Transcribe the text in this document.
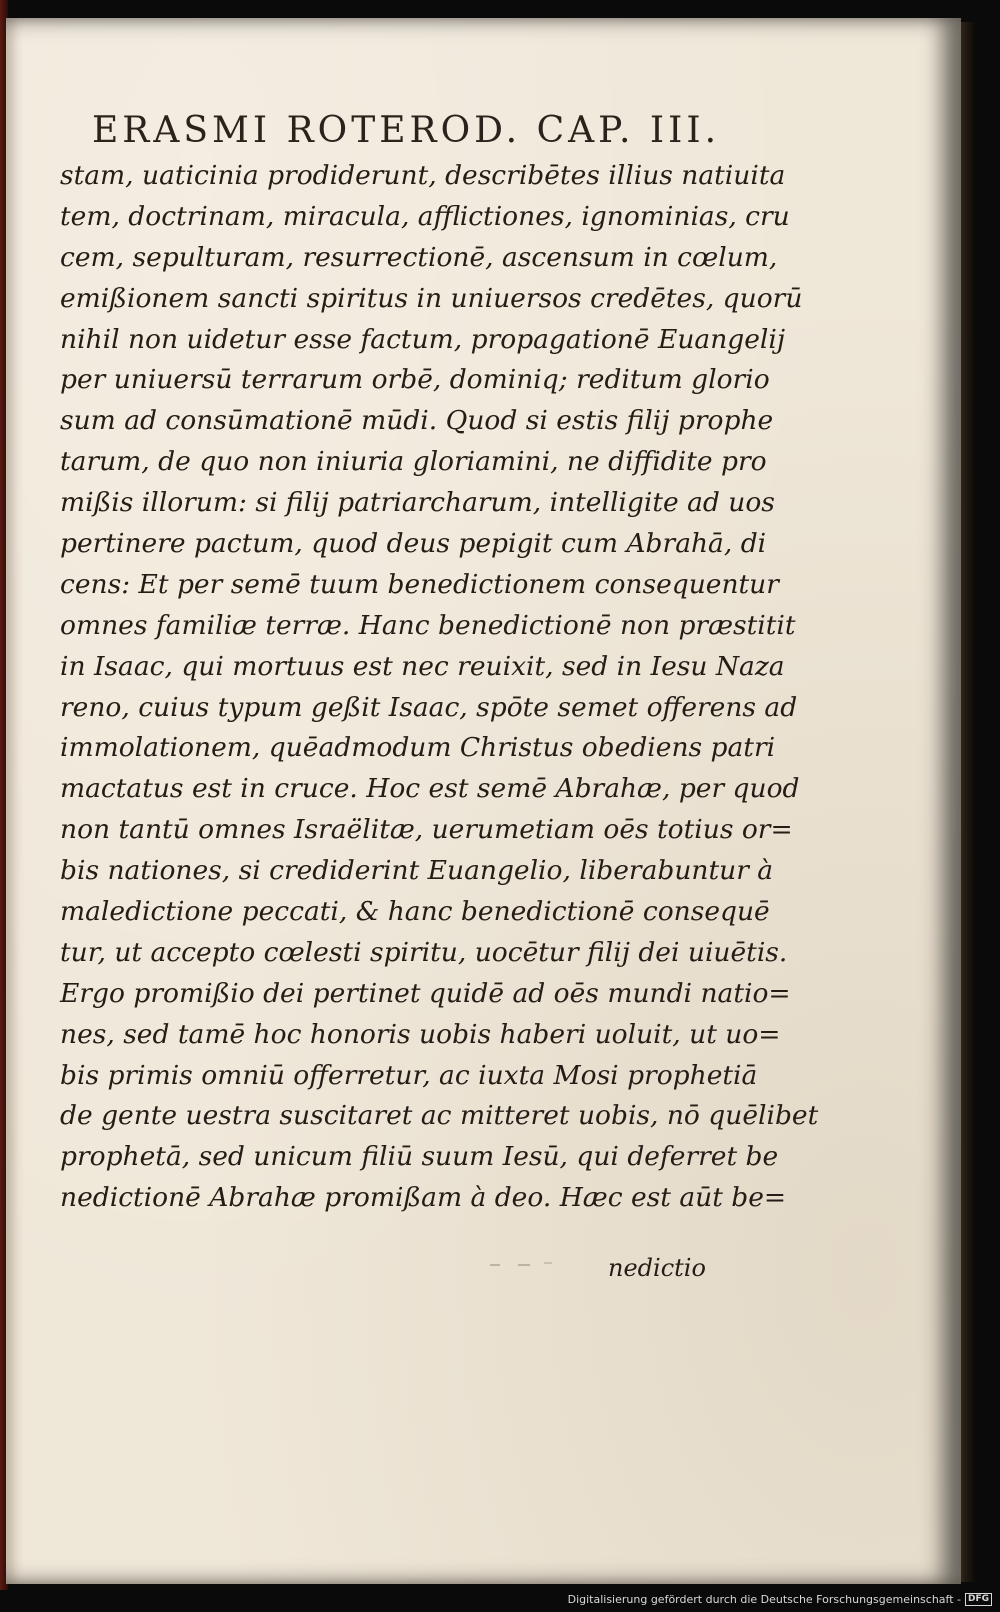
ERASMI ROTEROD. CAP. III.
stam, uaticinia prodiderunt, describētes illius natiuita
tem, doctrinam, miracula, afflictiones, ignominias, cru
cem, sepulturam, resurrectionē, ascensum in cœlum,
emißionem sancti spiritus in uniuersos credētes, quorū
nihil non uidetur esse factum, propagationē Euangelij
per uniuersū terrarum orbē, dominiq; reditum glorio
sum ad consūmationē mūdi. Quod si estis filij prophe
tarum, de quo non iniuria gloriamini, ne diffidite pro
mißis illorum: si filij patriarcharum, intelligite ad uos
pertinere pactum, quod deus pepigit cum Abrahā, di
cens: Et per semē tuum benedictionem consequentur
omnes familiæ terræ. Hanc benedictionē non præstitit
in Isaac, qui mortuus est nec reuixit, sed in Iesu Naza
reno, cuius typum geßit Isaac, spōte semet offerens ad
immolationem, quēadmodum Christus obediens patri
mactatus est in cruce. Hoc est semē Abrahæ, per quod
non tantū omnes Israëlitæ, uerumetiam oēs totius or=
bis nationes, si crediderint Euangelio, liberabuntur à
maledictione peccati, & hanc benedictionē consequē
tur, ut accepto cœlesti spiritu, uocētur filij dei uiuētis.
Ergo promißio dei pertinet quidē ad oēs mundi natio=
nes, sed tamē hoc honoris uobis haberi uoluit, ut uo=
bis primis omniū offerretur, ac iuxta Mosi prophetiā
de gente uestra suscitaret ac mitteret uobis, nō quēlibet
prophetā, sed unicum filiū suum Iesū, qui deferret be
nedictionē Abrahæ promißam à deo. Hæc est aūt be=
nedictio
Digitalisierung gefördert durch die Deutsche Forschungsgemeinschaft - DFG
